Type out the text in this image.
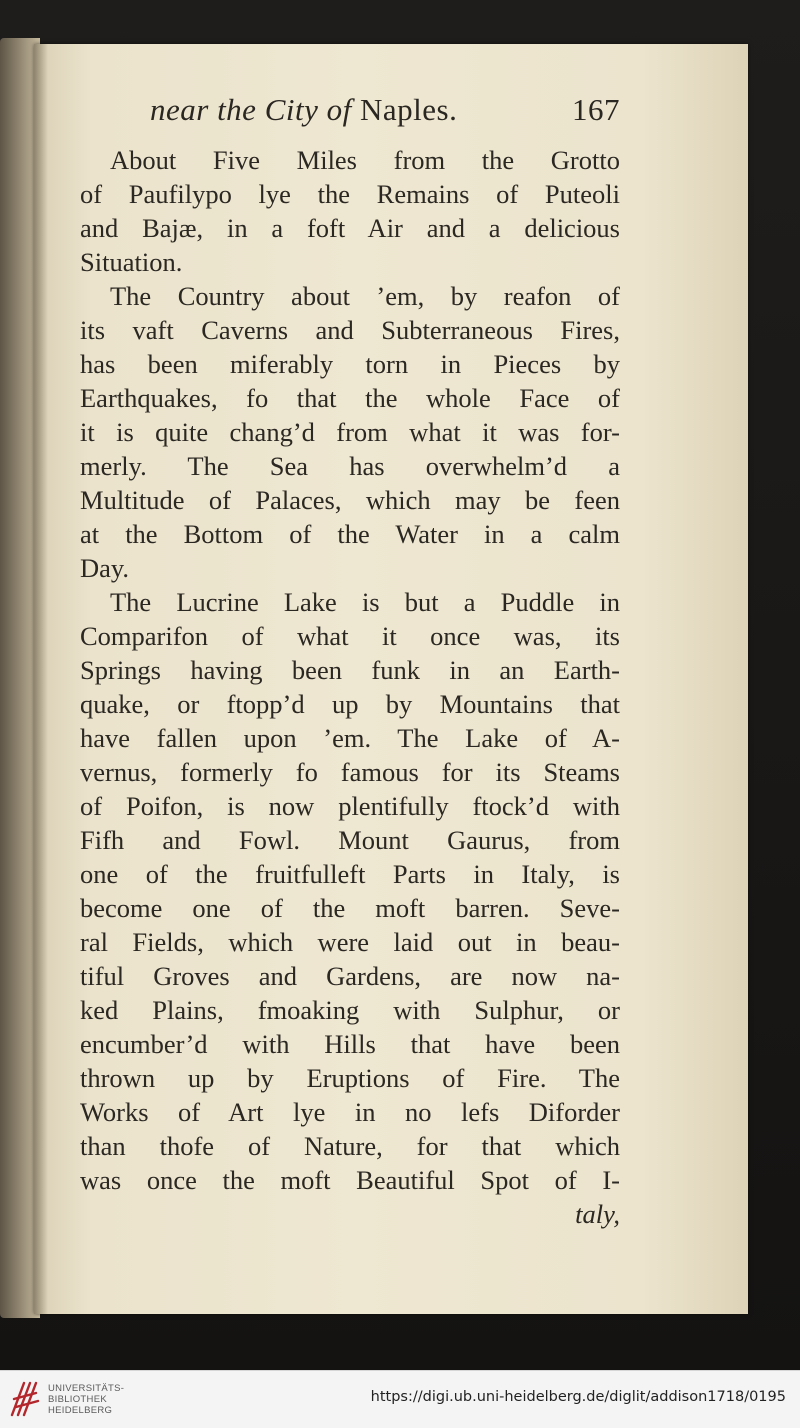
near the City of Naples.	167
About Five Miles from the Grotto
of Paufilypo lye the Remains of Puteoli
and Bajæ, in a foft Air and a delicious
Situation.
The Country about ’em, by reafon of
its vaft Caverns and Subterraneous Fires,
has been miferably torn in Pieces by
Earthquakes, fo that the whole Face of
it is quite chang’d from what it was for-
merly. The Sea has overwhelm’d a
Multitude of Palaces, which may be feen
at the Bottom of the Water in a calm
Day.
The Lucrine Lake is but a Puddle in
Comparifon of what it once was, its
Springs having been funk in an Earth-
quake, or ftopp’d up by Mountains that
have fallen upon ’em. The Lake of A-
vernus, formerly fo famous for its Steams
of Poifon, is now plentifully ftock’d with
Fifh and Fowl. Mount Gaurus, from
one of the fruitfulleft Parts in Italy, is
become one of the moft barren. Seve-
ral Fields, which were laid out in beau-
tiful Groves and Gardens, are now na-
ked Plains, fmoaking with Sulphur, or
encumber’d with Hills that have been
thrown up by Eruptions of Fire. The
Works of Art lye in no lefs Diforder
than thofe of Nature, for that which
was once the moft Beautiful Spot of I-
taly,
UNIVERSITÄTS-
BIBLIOTHEK
HEIDELBERG
https://digi.ub.uni-heidelberg.de/diglit/addison1718/0195
